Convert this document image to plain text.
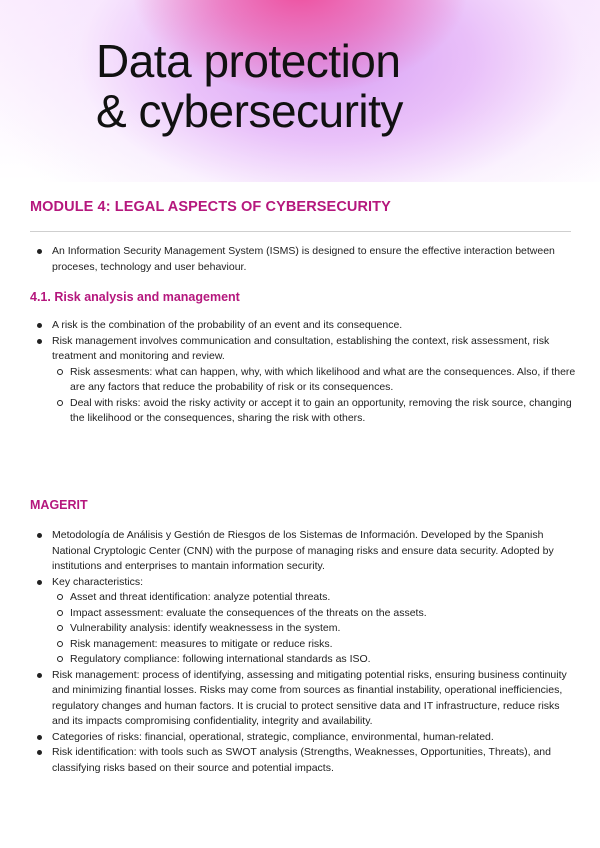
Data protection
& cybersecurity
MODULE 4: LEGAL ASPECTS OF CYBERSECURITY
An Information Security Management System (ISMS) is designed to ensure the effective interaction between proceses, technology and user behaviour.
4.1. Risk analysis and management
A risk is the combination of the probability of an event and its consequence.
Risk management involves communication and consultation, establishing the context, risk assessment, risk treatment and monitoring and review.
Risk assesments: what can happen, why, with which likelihood and what are the consequences. Also, if there are any factors that reduce the probability of risk or its consequences.
Deal with risks: avoid the risky activity or accept it to gain an opportunity, removing the risk source, changing the likelihood or the consequences, sharing the risk with others.
MAGERIT
Metodología de Análisis y Gestión de Riesgos de los Sistemas de Información. Developed by the Spanish National Cryptologic Center (CNN) with the purpose of managing risks and ensure data security. Adopted by institutions and enterprises to mantain information security.
Key characteristics:
Asset and threat identification: analyze potential threats.
Impact assessment: evaluate the consequences of the threats on the assets.
Vulnerability analysis: identify weaknessess in the system.
Risk management: measures to mitigate or reduce risks.
Regulatory compliance: following international standards as ISO.
Risk management: process of identifying, assessing and mitigating potential risks, ensuring business continuity and minimizing finantial losses. Risks may come from sources as finantial instability, operational inefficiencies, regulatory changes and human factors. It is crucial to protect sensitive data and IT infrastructure, reduce risks and its impacts compromising confidentiality, integrity and availability.
Categories of risks: financial, operational, strategic, compliance, environmental, human-related.
Risk identification: with tools such as SWOT analysis (Strengths, Weaknesses, Opportunities, Threats), and classifying risks based on their source and potential impacts.
